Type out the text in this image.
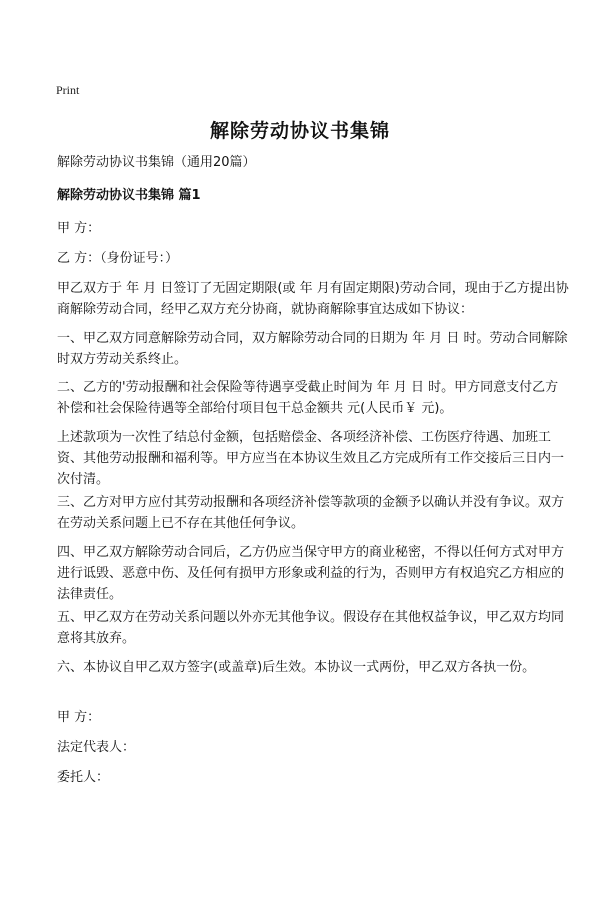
Print
解除劳动协议书集锦

解除劳动协议书集锦（通用20篇）

解除劳动协议书集锦 篇1

甲 方：

乙 方：（身份证号：）

甲乙双方于 年 月 日签订了无固定期限(或 年 月有固定期限)劳动合同，现由于乙方提出协商解除劳动合同，经甲乙双方充分协商，就协商解除事宜达成如下协议：

一、甲乙双方同意解除劳动合同，双方解除劳动合同的日期为 年 月 日 时。劳动合同解除时双方劳动关系终止。

二、乙方的'劳动报酬和社会保险等待遇享受截止时间为 年 月 日 时。甲方同意支付乙方补偿和社会保险待遇等全部给付项目包干总金额共 元(人民币￥ 元)。

上述款项为一次性了结总付金额，包括赔偿金、各项经济补偿、工伤医疗待遇、加班工资、其他劳动报酬和福利等。甲方应当在本协议生效且乙方完成所有工作交接后三日内一次付清。

三、乙方对甲方应付其劳动报酬和各项经济补偿等款项的金额予以确认并没有争议。双方在劳动关系问题上已不存在其他任何争议。

四、甲乙双方解除劳动合同后，乙方仍应当保守甲方的商业秘密，不得以任何方式对甲方进行诋毁、恶意中伤、及任何有损甲方形象或利益的行为，否则甲方有权追究乙方相应的法律责任。

五、甲乙双方在劳动关系问题以外亦无其他争议。假设存在其他权益争议，甲乙双方均同意将其放弃。

六、本协议自甲乙双方签字(或盖章)后生效。本协议一式两份，甲乙双方各执一份。

甲 方：

法定代表人：

委托人：
